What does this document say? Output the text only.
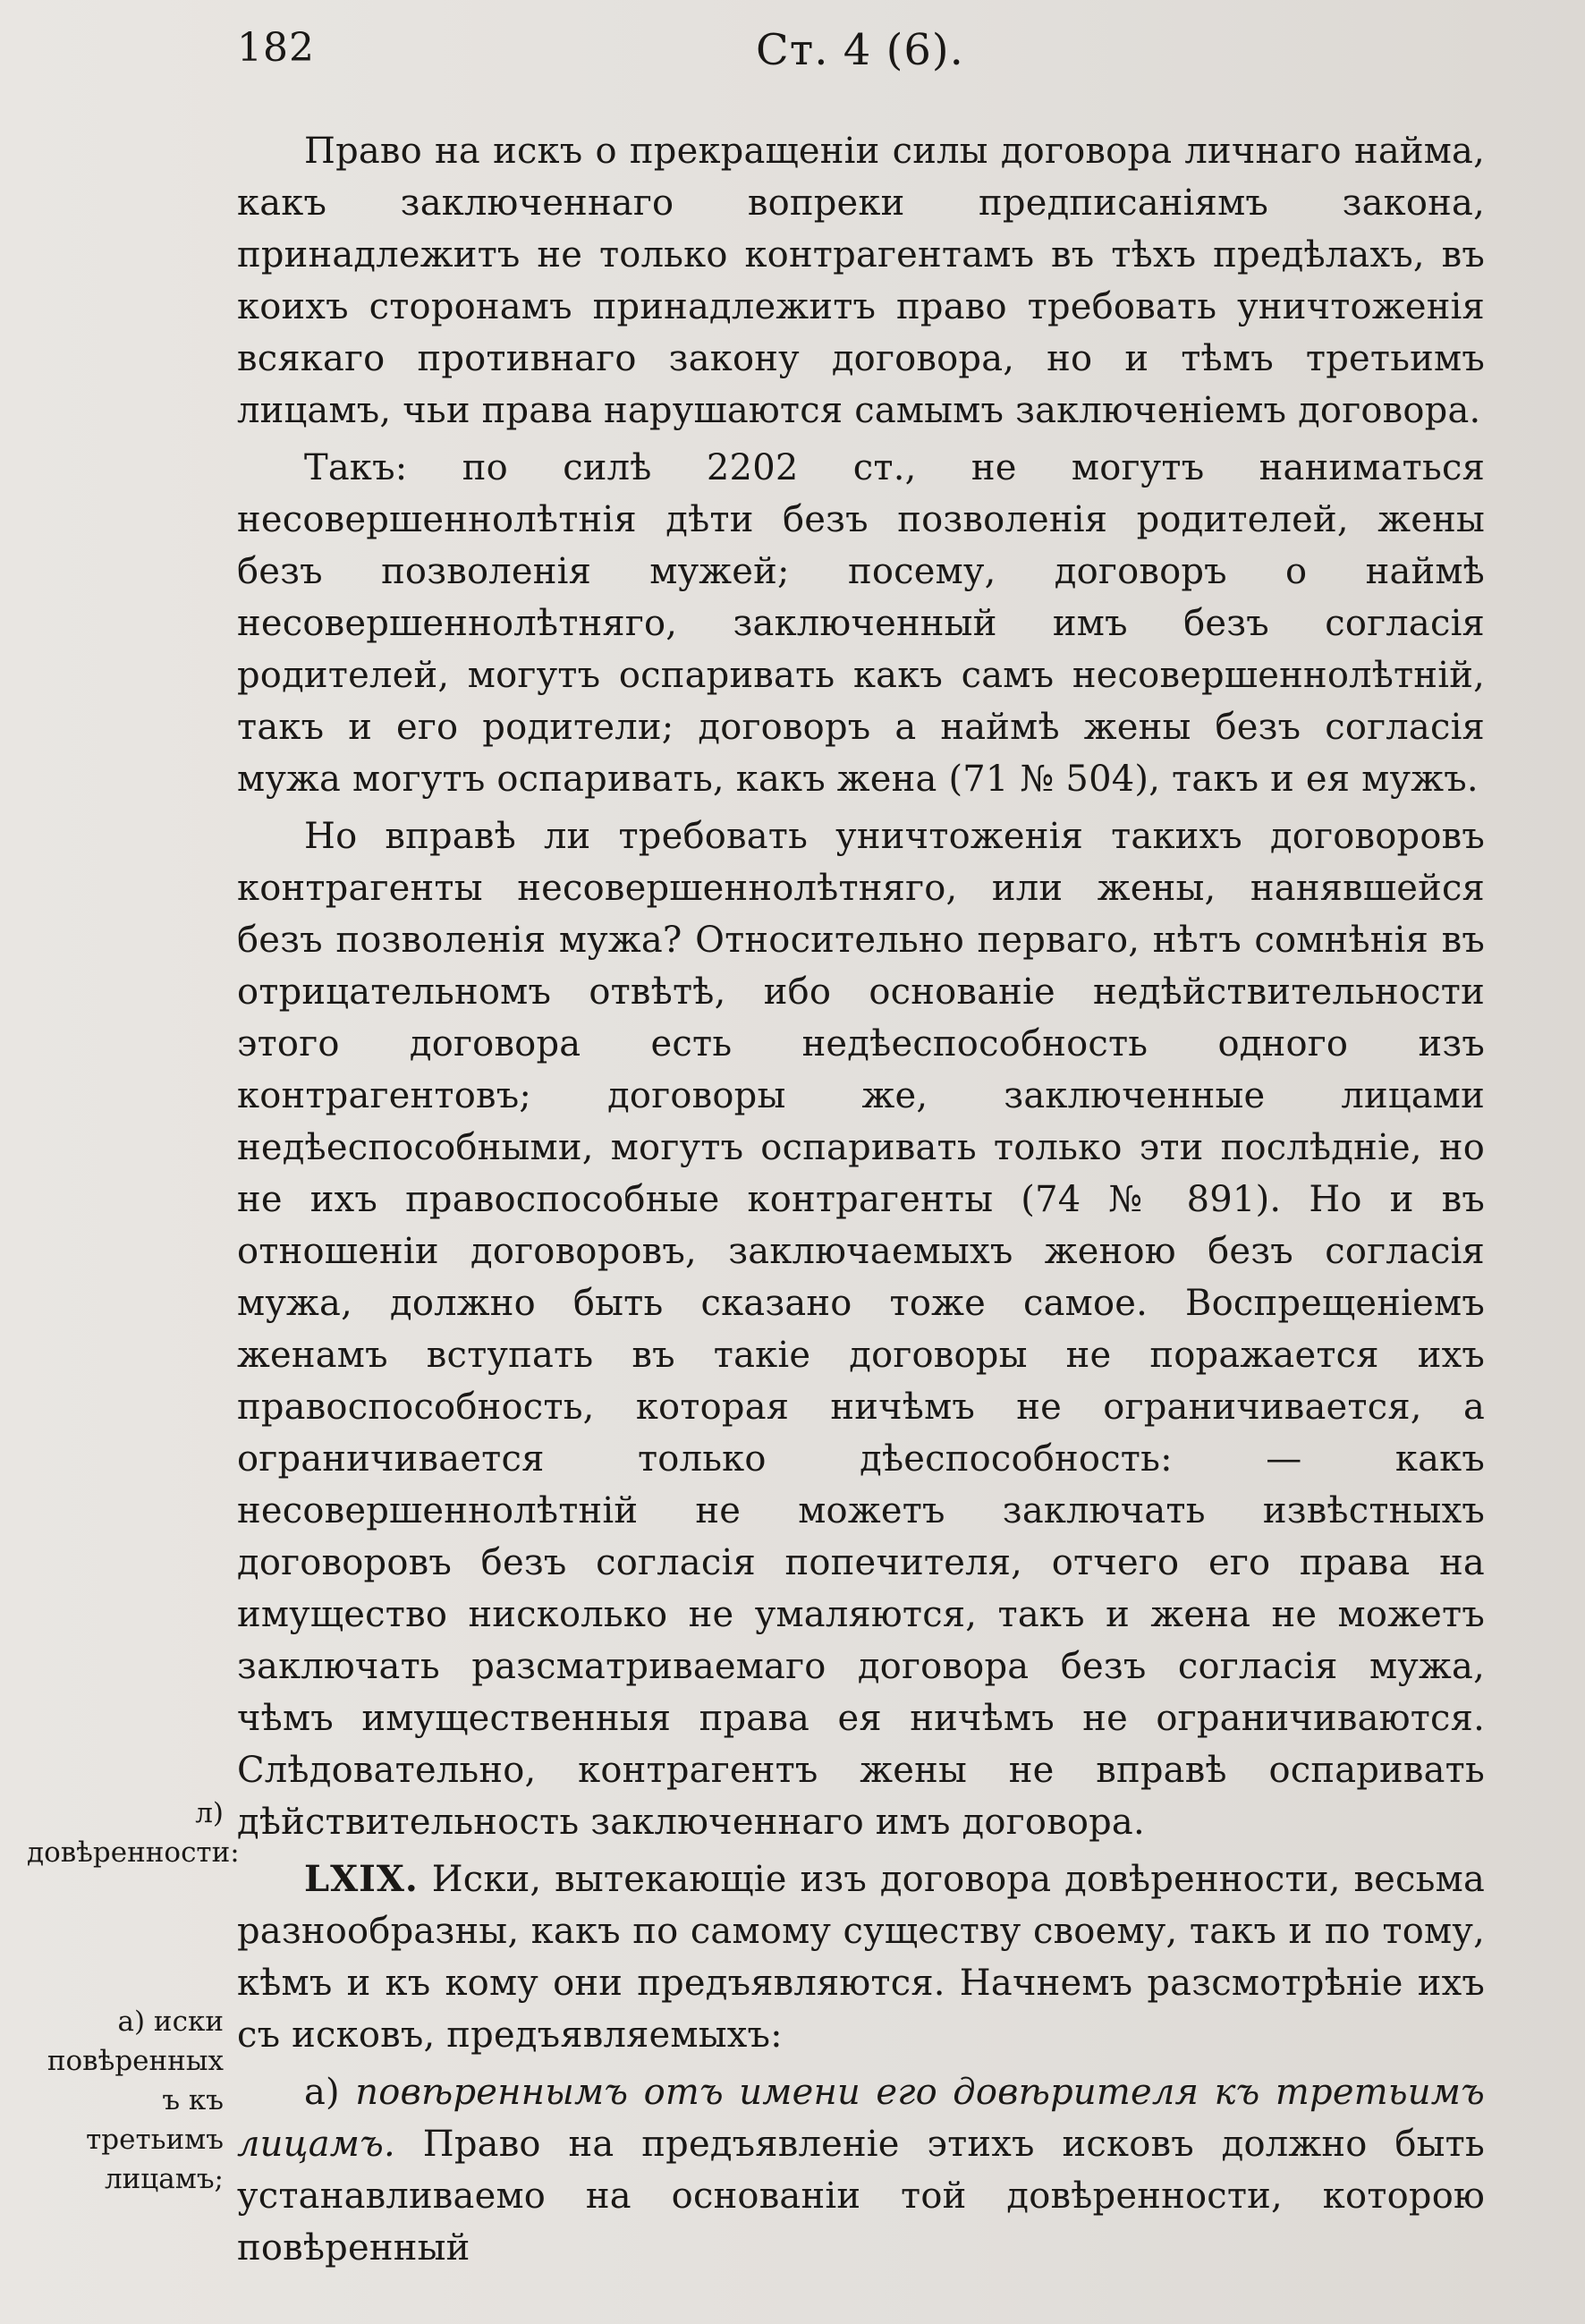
182	Ст. 4 (6).

Право на искъ о прекращеніи силы договора личнаго найма, какъ заключеннаго вопреки предписаніямъ закона, принадлежитъ не только контрагентамъ въ тѣхъ предѣлахъ, въ коихъ сторонамъ принадлежитъ право требовать уничтоженія всякаго противнаго закону договора, но и тѣмъ третьимъ лицамъ, чьи права нарушаются самымъ заключеніемъ договора.

Такъ: по силѣ 2202 ст., не могутъ наниматься несовершеннолѣтнія дѣти безъ позволенія родителей, жены безъ позволенія мужей; посему, договоръ о наймѣ несовершеннолѣтняго, заключенный имъ безъ согласія родителей, могутъ оспаривать какъ самъ несовершеннолѣтній, такъ и его родители; договоръ а наймѣ жены безъ согласія мужа могутъ оспаривать, какъ жена (71 № 504), такъ и ея мужъ.

Но вправѣ ли требовать уничтоженія такихъ договоровъ контрагенты несовершеннолѣтняго, или жены, нанявшейся безъ позволенія мужа? Относительно перваго, нѣтъ сомнѣнія въ отрицательномъ отвѣтѣ, ибо основаніе недѣйствительности этого договора есть недѣеспособность одного изъ контрагентовъ; договоры же, заключенные лицами недѣеспособными, могутъ оспаривать только эти послѣдніе, но не ихъ правоспособные контрагенты (74 № 891). Но и въ отношеніи договоровъ, заключаемыхъ женою безъ согласія мужа, должно быть сказано тоже самое. Воспрещеніемъ женамъ вступать въ такіе договоры не поражается ихъ правоспособность, которая ничѣмъ не ограничивается, а ограничивается только дѣеспособность: — какъ несовершеннолѣтній не можетъ заключать извѣстныхъ договоровъ безъ согласія попечителя, отчего его права на имущество нисколько не умаляются, такъ и жена не можетъ заключать разсматриваемаго договора безъ согласія мужа, чѣмъ имущественныя права ея ничѣмъ не ограничиваются. Слѣдовательно, контрагентъ жены не вправѣ оспаривать дѣйствительность заключеннаго имъ договора.

LXIX. Иски, вытекающіе изъ договора довѣренности, весьма разнообразны, какъ по самому существу своему, такъ и по тому, кѣмъ и къ кому они предъявляются. Начнемъ разсмотрѣніе ихъ съ исковъ, предъявляемыхъ:

а) повѣреннымъ отъ имени его довѣрителя къ третьимъ лицамъ. Право на предъявленіе этихъ исковъ должно быть устанавливаемо на основаніи той довѣренности, которою повѣренный

л) довѣренности:
а) иски повѣренных ъ къ третьимъ лицамъ;
